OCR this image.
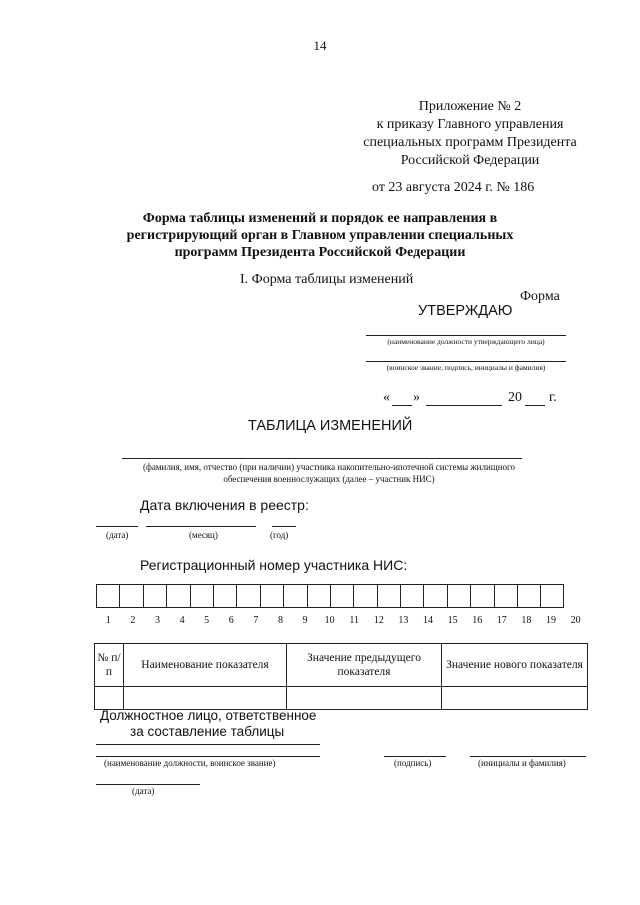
14
Приложение № 2
к приказу Главного управления
специальных программ Президента
Российской Федерации
от 23 августа 2024 г. № 186
Форма таблицы изменений и порядок ее направления в
регистрирующий орган в Главном управлении специальных
программ Президента Российской Федерации
I. Форма таблицы изменений
Форма
УТВЕРЖДАЮ
(наименование должности утверждающего лица)
(воинское звание, подпись, инициалы и фамилия)
« »	20 г.
ТАБЛИЦА ИЗМЕНЕНИЙ
(фамилия, имя, отчество (при наличии) участника накопительно-ипотечной системы жилищного
обеспечения военнослужащих (далее – участник НИС)
Дата включения в реестр:
(дата)	(месяц)	(год)
Регистрационный номер участника НИС:
1	2	3	4	5	6	7	8	9	10	11	12	13	14	15	16	17	18	19	20
№ п/п	Наименование показателя	Значение предыдущего показателя	Значение нового показателя

Должностное лицо, ответственное
за составление таблицы
(наименование должности, воинское звание)	(подпись)	(инициалы и фамилия)
(дата)
